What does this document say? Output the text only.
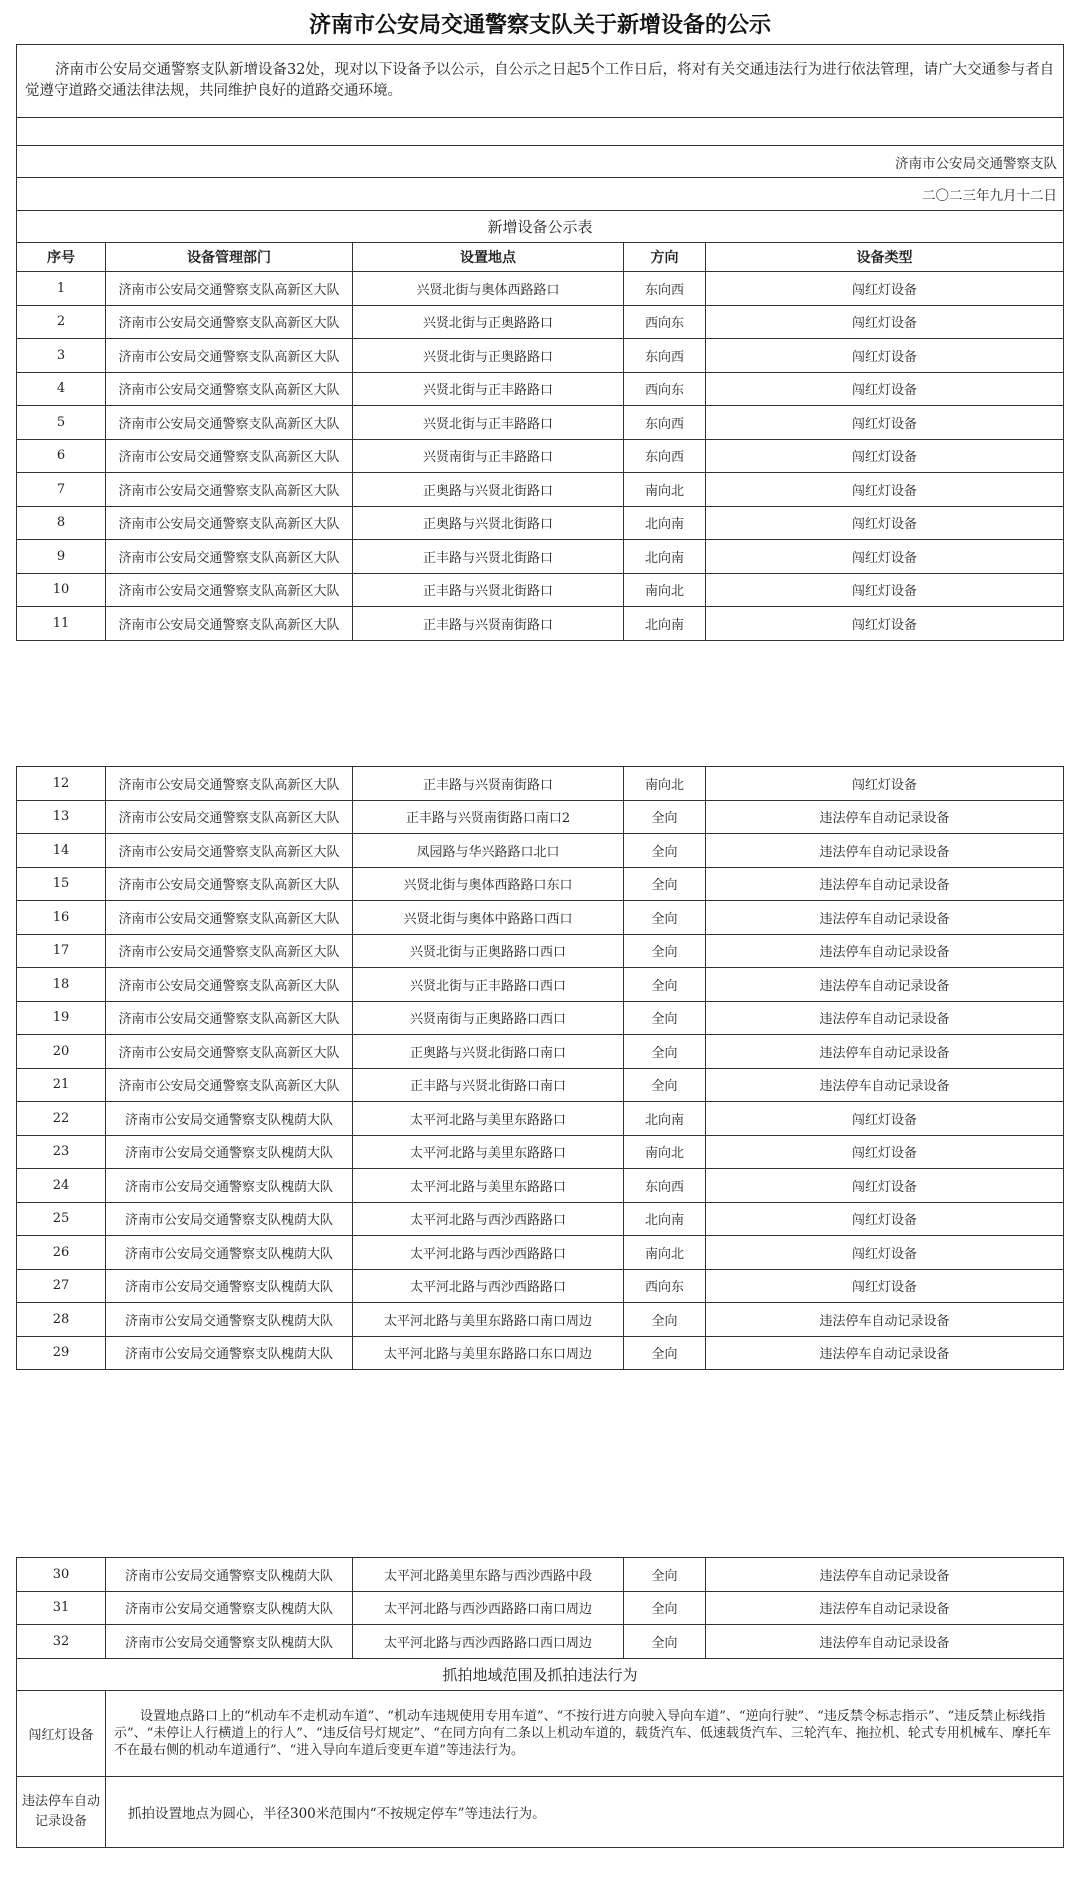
济南市公安局交通警察支队关于新增设备的公示
济南市公安局交通警察支队新增设备32处，现对以下设备予以公示，自公示之日起5个工作日后，将对有关交通违法行为进行依法管理，请广大交通参与者自觉遵守道路交通法律法规，共同维护良好的道路交通环境。				

济南市公安局交通警察支队				
二〇二三年九月十二日				
新增设备公示表				
序号	设备管理部门	设置地点	方向	设备类型
1	济南市公安局交通警察支队高新区大队	兴贤北街与奥体西路路口	东向西	闯红灯设备
2	济南市公安局交通警察支队高新区大队	兴贤北街与正奥路路口	西向东	闯红灯设备
3	济南市公安局交通警察支队高新区大队	兴贤北街与正奥路路口	东向西	闯红灯设备
4	济南市公安局交通警察支队高新区大队	兴贤北街与正丰路路口	西向东	闯红灯设备
5	济南市公安局交通警察支队高新区大队	兴贤北街与正丰路路口	东向西	闯红灯设备
6	济南市公安局交通警察支队高新区大队	兴贤南街与正丰路路口	东向西	闯红灯设备
7	济南市公安局交通警察支队高新区大队	正奥路与兴贤北街路口	南向北	闯红灯设备
8	济南市公安局交通警察支队高新区大队	正奥路与兴贤北街路口	北向南	闯红灯设备
9	济南市公安局交通警察支队高新区大队	正丰路与兴贤北街路口	北向南	闯红灯设备
10	济南市公安局交通警察支队高新区大队	正丰路与兴贤北街路口	南向北	闯红灯设备
11	济南市公安局交通警察支队高新区大队	正丰路与兴贤南街路口	北向南	闯红灯设备
12	济南市公安局交通警察支队高新区大队	正丰路与兴贤南街路口	南向北	闯红灯设备
13	济南市公安局交通警察支队高新区大队	正丰路与兴贤南街路口南口2	全向	违法停车自动记录设备
14	济南市公安局交通警察支队高新区大队	凤园路与华兴路路口北口	全向	违法停车自动记录设备
15	济南市公安局交通警察支队高新区大队	兴贤北街与奥体西路路口东口	全向	违法停车自动记录设备
16	济南市公安局交通警察支队高新区大队	兴贤北街与奥体中路路口西口	全向	违法停车自动记录设备
17	济南市公安局交通警察支队高新区大队	兴贤北街与正奥路路口西口	全向	违法停车自动记录设备
18	济南市公安局交通警察支队高新区大队	兴贤北街与正丰路路口西口	全向	违法停车自动记录设备
19	济南市公安局交通警察支队高新区大队	兴贤南街与正奥路路口西口	全向	违法停车自动记录设备
20	济南市公安局交通警察支队高新区大队	正奥路与兴贤北街路口南口	全向	违法停车自动记录设备
21	济南市公安局交通警察支队高新区大队	正丰路与兴贤北街路口南口	全向	违法停车自动记录设备
22	济南市公安局交通警察支队槐荫大队	太平河北路与美里东路路口	北向南	闯红灯设备
23	济南市公安局交通警察支队槐荫大队	太平河北路与美里东路路口	南向北	闯红灯设备
24	济南市公安局交通警察支队槐荫大队	太平河北路与美里东路路口	东向西	闯红灯设备
25	济南市公安局交通警察支队槐荫大队	太平河北路与西沙西路路口	北向南	闯红灯设备
26	济南市公安局交通警察支队槐荫大队	太平河北路与西沙西路路口	南向北	闯红灯设备
27	济南市公安局交通警察支队槐荫大队	太平河北路与西沙西路路口	西向东	闯红灯设备
28	济南市公安局交通警察支队槐荫大队	太平河北路与美里东路路口南口周边	全向	违法停车自动记录设备
29	济南市公安局交通警察支队槐荫大队	太平河北路与美里东路路口东口周边	全向	违法停车自动记录设备
30	济南市公安局交通警察支队槐荫大队	太平河北路美里东路与西沙西路中段	全向	违法停车自动记录设备
31	济南市公安局交通警察支队槐荫大队	太平河北路与西沙西路路口南口周边	全向	违法停车自动记录设备
32	济南市公安局交通警察支队槐荫大队	太平河北路与西沙西路路口西口周边	全向	违法停车自动记录设备
抓拍地域范围及抓拍违法行为				
闯红灯设备	设置地点路口上的“机动车不走机动车道”、“机动车违规使用专用车道”、“不按行进方向驶入导向车道”、“逆向行驶”、“违反禁令标志指示”、“违反禁止标线指示”、“未停让人行横道上的行人”、“违反信号灯规定”、“在同方向有二条以上机动车道的，载货汽车、低速载货汽车、三轮汽车、拖拉机、轮式专用机械车、摩托车不在最右侧的机动车道通行”、“进入导向车道后变更车道”等违法行为。			
违法停车自动记录设备	抓拍设置地点为圆心，半径300米范围内“不按规定停车”等违法行为。			
